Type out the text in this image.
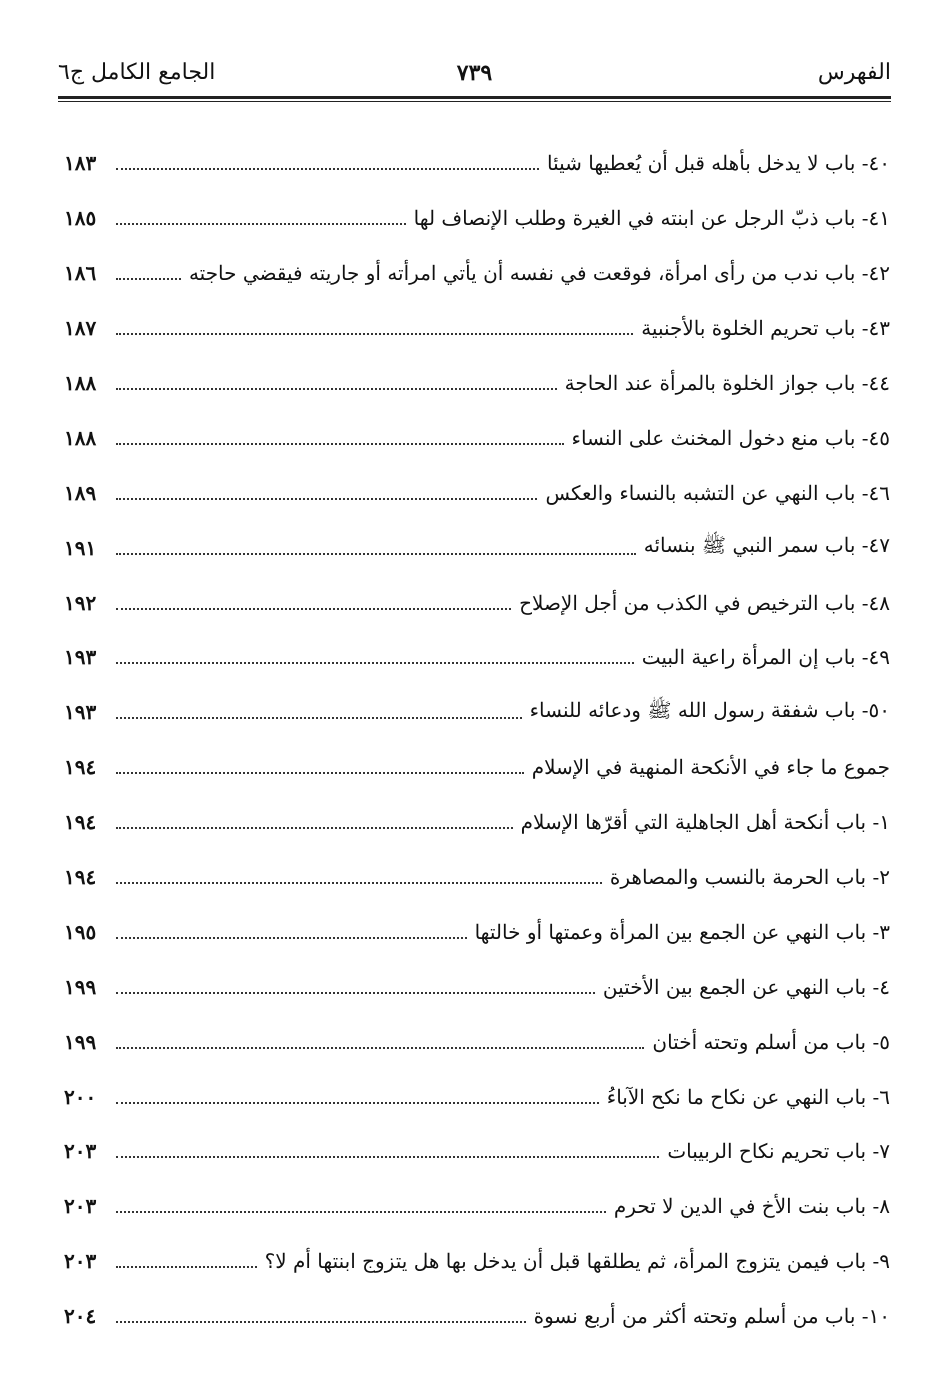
الفهرس
٧٣٩
الجامع الكامل ج٦
٤٠- باب لا يدخل بأهله قبل أن يُعطيها شيئا
١٨٣
٤١- باب ذبّ الرجل عن ابنته في الغيرة وطلب الإنصاف لها
١٨٥
٤٢- باب ندب من رأى امرأة، فوقعت في نفسه أن يأتي امرأته أو جاريته فيقضي حاجته
١٨٦
٤٣- باب تحريم الخلوة بالأجنبية
١٨٧
٤٤- باب جواز الخلوة بالمرأة عند الحاجة
١٨٨
٤٥- باب منع دخول المخنث على النساء
١٨٨
٤٦- باب النهي عن التشبه بالنساء والعكس
١٨٩
٤٧- باب سمر النبي ﷺ بنسائه
١٩١
٤٨- باب الترخيص في الكذب من أجل الإصلاح
١٩٢
٤٩- باب إن المرأة راعية البيت
١٩٣
٥٠- باب شفقة رسول الله ﷺ ودعائه للنساء
١٩٣
جموع ما جاء في الأنكحة المنهية في الإسلام
١٩٤
١- باب أنكحة أهل الجاهلية التي أقرّها الإسلام
١٩٤
٢- باب الحرمة بالنسب والمصاهرة
١٩٤
٣- باب النهي عن الجمع بين المرأة وعمتها أو خالتها
١٩٥
٤- باب النهي عن الجمع بين الأختين
١٩٩
٥- باب من أسلم وتحته أختان
١٩٩
٦- باب النهي عن نكاح ما نكح الآباءُ
٢٠٠
٧- باب تحريم نكاح الربيبات
٢٠٣
٨- باب بنت الأخ في الدين لا تحرم
٢٠٣
٩- باب فيمن يتزوج المرأة، ثم يطلقها قبل أن يدخل بها هل يتزوج ابنتها أم لا؟
٢٠٣
١٠- باب من أسلم وتحته أكثر من أربع نسوة
٢٠٤
